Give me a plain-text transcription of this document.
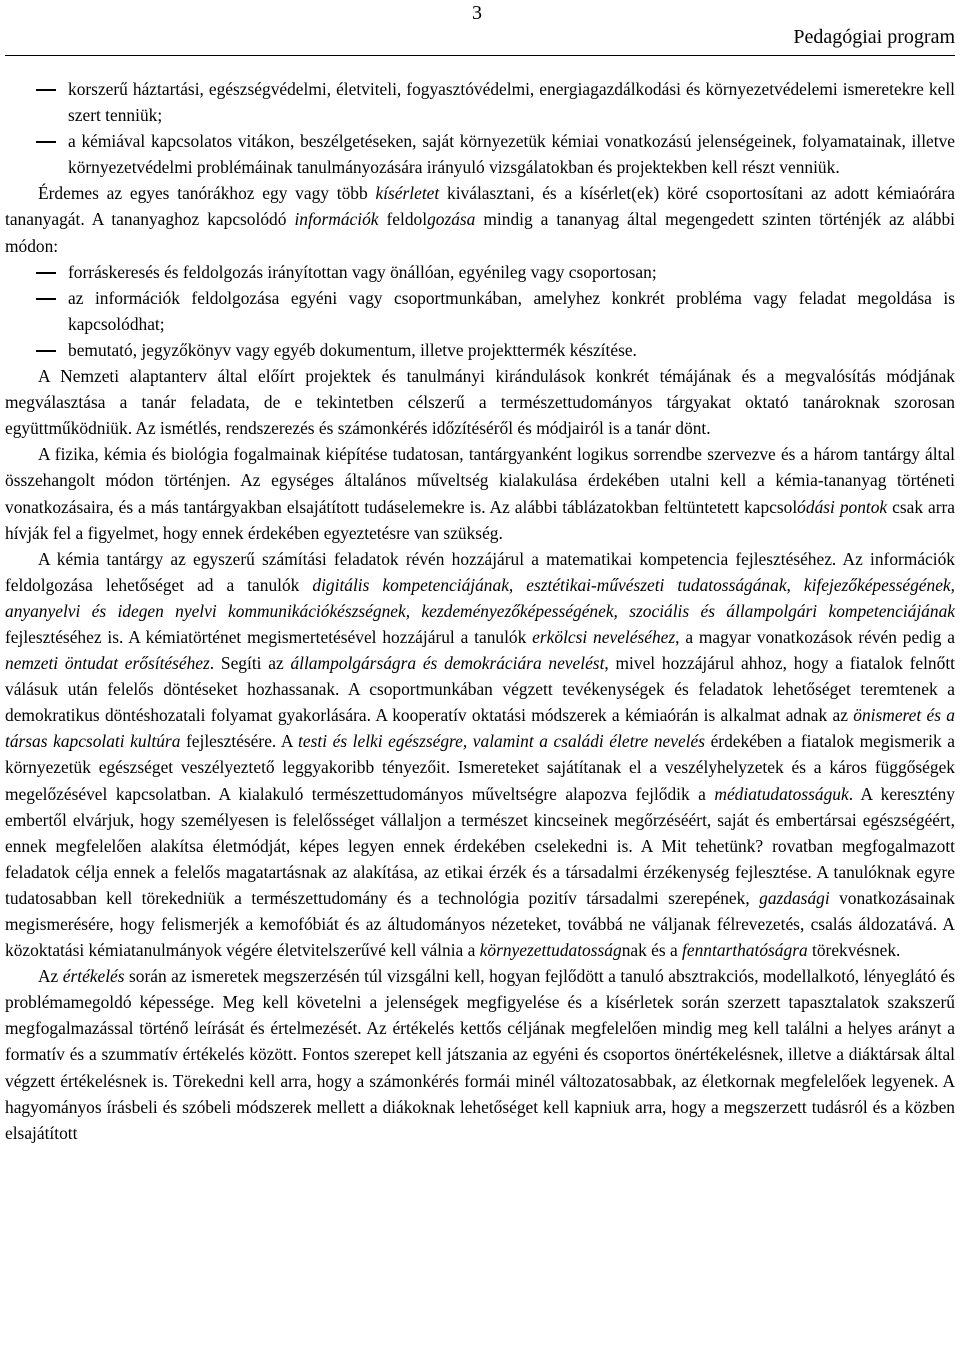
3
Pedagógiai program
korszerű háztartási, egészségvédelmi, életviteli, fogyasztóvédelmi, energiagazdálkodási és környezetvédelemi ismeretekre kell szert tenniük;
a kémiával kapcsolatos vitákon, beszélgetéseken, saját környezetük kémiai vonatkozású jelenségeinek, folyamatainak, illetve környezetvédelmi problémáinak tanulmányozására irányuló vizsgálatokban és projektekben kell részt venniük.

Érdemes az egyes tanórákhoz egy vagy több kísérletet kiválasztani, és a kísérlet(ek) köré csoportosítani az adott kémiaórára tananyagát. A tananyaghoz kapcsolódó információk feldolgozása mindig a tananyag által megengedett szinten történjék az alábbi módon:

forráskeresés és feldolgozás irányítottan vagy önállóan, egyénileg vagy csoportosan;
az információk feldolgozása egyéni vagy csoportmunkában, amelyhez konkrét probléma vagy feladat megoldása is kapcsolódhat;
bemutató, jegyzőkönyv vagy egyéb dokumentum, illetve projekttermék készítése.

A Nemzeti alaptanterv által előírt projektek és tanulmányi kirándulások konkrét témájának és a megvalósítás módjának megválasztása a tanár feladata, de e tekintetben célszerű a természettudományos tárgyakat oktató tanároknak szorosan együttműködniük. Az ismétlés, rendszerezés és számonkérés időzítéséről és módjairól is a tanár dönt.

A fizika, kémia és biológia fogalmainak kiépítése tudatosan, tantárgyanként logikus sorrendbe szervezve és a három tantárgy által összehangolt módon történjen. Az egységes általános műveltség kialakulása érdekében utalni kell a kémia-tananyag történeti vonatkozásaira, és a más tantárgyakban elsajátított tudáselemekre is. Az alábbi táblázatokban feltüntetett kapcsolódási pontok csak arra hívják fel a figyelmet, hogy ennek érdekében egyeztetésre van szükség.

A kémia tantárgy az egyszerű számítási feladatok révén hozzájárul a matematikai kompetencia fejlesztéséhez. Az információk feldolgozása lehetőséget ad a tanulók digitális kompetenciájának, esztétikai-művészeti tudatosságának, kifejezőképességének, anyanyelvi és idegen nyelvi kommunikációkészségnek, kezdeményezőképességének, szociális és állampolgári kompetenciájának fejlesztéséhez is. A kémiatörténet megismertetésével hozzájárul a tanulók erkölcsi neveléséhez, a magyar vonatkozások révén pedig a nemzeti öntudat erősítéséhez. Segíti az állampolgárságra és demokráciára nevelést, mivel hozzájárul ahhoz, hogy a fiatalok felnőtt válásuk után felelős döntéseket hozhassanak. A csoportmunkában végzett tevékenységek és feladatok lehetőséget teremtenek a demokratikus döntéshozatali folyamat gyakorlására. A kooperatív oktatási módszerek a kémiaórán is alkalmat adnak az önismeret és a társas kapcsolati kultúra fejlesztésére. A testi és lelki egészségre, valamint a családi életre nevelés érdekében a fiatalok megismerik a környezetük egészséget veszélyeztető leggyakoribb tényezőit. Ismereteket sajátítanak el a veszélyhelyzetek és a káros függőségek megelőzésével kapcsolatban. A kialakuló természettudományos műveltségre alapozva fejlődik a médiatudatosságuk. A keresztény embertől elvárjuk, hogy személyesen is felelősséget vállaljon a természet kincseinek megőrzéséért, saját és embertársai egészségéért, ennek megfelelően alakítsa életmódját, képes legyen ennek érdekében cselekedni is. A Mit tehetünk? rovatban megfogalmazott feladatok célja ennek a felelős magatartásnak az alakítása, az etikai érzék és a társadalmi érzékenység fejlesztése. A tanulóknak egyre tudatosabban kell törekedniük a természettudomány és a technológia pozitív társadalmi szerepének, gazdasági vonatkozásainak megismerésére, hogy felismerjék a kemofóbiát és az áltudományos nézeteket, továbbá ne váljanak félrevezetés, csalás áldozatává. A közoktatási kémiatanulmányok végére életvitelszerűvé kell válnia a környezettudatosságnak és a fenntarthatóságra törekvésnek.

Az értékelés során az ismeretek megszerzésén túl vizsgálni kell, hogyan fejlődött a tanuló absztrakciós, modellalkotó, lényeglátó és problémamegoldó képessége. Meg kell követelni a jelenségek megfigyelése és a kísérletek során szerzett tapasztalatok szakszerű megfogalmazással történő leírását és értelmezését. Az értékelés kettős céljának megfelelően mindig meg kell találni a helyes arányt a formatív és a szummatív értékelés között. Fontos szerepet kell játszania az egyéni és csoportos önértékelésnek, illetve a diáktársak által végzett értékelésnek is. Törekedni kell arra, hogy a számonkérés formái minél változatosabbak, az életkornak megfelelőek legyenek. A hagyományos írásbeli és szóbeli módszerek mellett a diákoknak lehetőséget kell kapniuk arra, hogy a megszerzett tudásról és a közben elsajátított
